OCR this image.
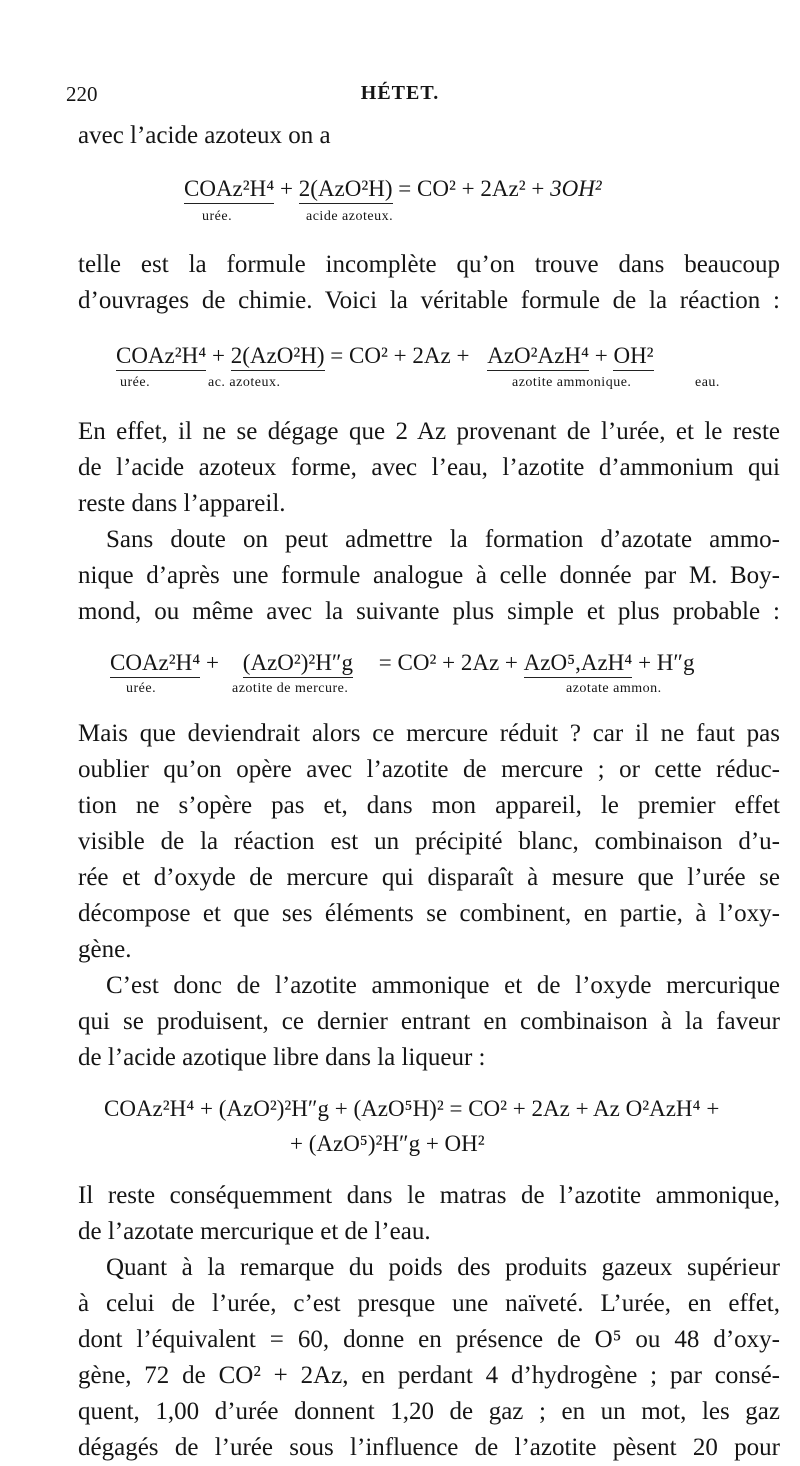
220	HÉTET.
avec l’acide azoteux on a
COAz²H⁴ + 2(AzO²H) = CO² + 2Az² + 3OH²
urée.	acide azoteux.
telle est la formule incomplète qu’on trouve dans beaucoup
d’ouvrages de chimie. Voici la véritable formule de la réaction :
COAz²H⁴ + 2(AzO²H) = CO² + 2Az + AzO²AzH⁴ + OH²
urée.	ac. azoteux.	azotite ammonique.	eau.
En effet, il ne se dégage que 2 Az provenant de l’urée, et le reste
de l’acide azoteux forme, avec l’eau, l’azotite d’ammonium qui
reste dans l’appareil.
Sans doute on peut admettre la formation d’azotate ammo-
nique d’après une formule analogue à celle donnée par M. Boy-
mond, ou même avec la suivante plus simple et plus probable :
COAz²H⁴ + (AzO²)²H″g = CO² + 2Az + AzO⁵,AzH⁴ + H″g
urée.	azotite de mercure.	azotate ammon.
Mais que deviendrait alors ce mercure réduit ? car il ne faut pas
oublier qu’on opère avec l’azotite de mercure ; or cette réduc-
tion ne s’opère pas et, dans mon appareil, le premier effet
visible de la réaction est un précipité blanc, combinaison d’u-
rée et d’oxyde de mercure qui disparaît à mesure que l’urée se
décompose et que ses éléments se combinent, en partie, à l’oxy-
gène.
C’est donc de l’azotite ammonique et de l’oxyde mercurique
qui se produisent, ce dernier entrant en combinaison à la faveur
de l’acide azotique libre dans la liqueur :
COAz²H⁴ + (AzO²)²H″g + (AzO⁵H)² = CO² + 2Az + Az O²AzH⁴ +
+ (AzO⁵)²H″g + OH²
Il reste conséquemment dans le matras de l’azotite ammonique,
de l’azotate mercurique et de l’eau.
Quant à la remarque du poids des produits gazeux supérieur
à celui de l’urée, c’est presque une naïveté. L’urée, en effet,
dont l’équivalent = 60, donne en présence de O⁵ ou 48 d’oxy-
gène, 72 de CO² + 2Az, en perdant 4 d’hydrogène ; par consé-
quent, 1,00 d’urée donnent 1,20 de gaz ; en un mot, les gaz
dégagés de l’urée sous l’influence de l’azotite pèsent 20 pour
